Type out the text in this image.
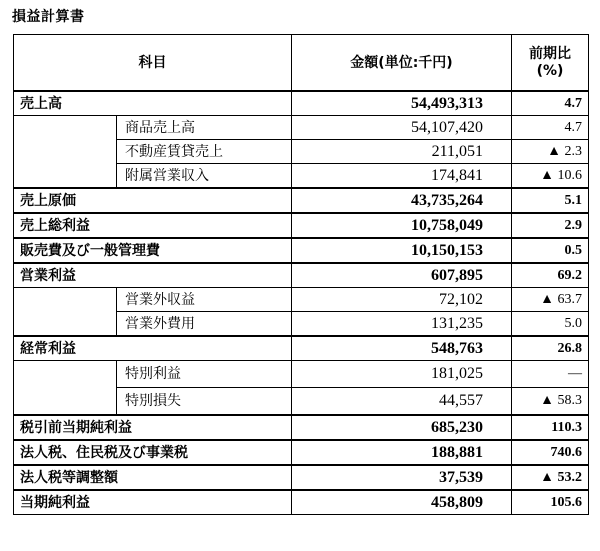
損益計算書
科目		金額(単位:千円)	前期比
(%)

売上高		54,493,313	4.7
	商品売上高	54,107,420	4.7
	不動産賃貸売上	211,051	▲ 2.3
	附属営業収入	174,841	▲ 10.6
売上原価		43,735,264	5.1
売上総利益		10,758,049	2.9
販売費及び一般管理費		10,150,153	0.5
営業利益		607,895	69.2
	営業外収益	72,102	▲ 63.7
	営業外費用	131,235	5.0
経常利益		548,763	26.8
	特別利益	181,025	—
	特別損失	44,557	▲ 58.3
税引前当期純利益		685,230	110.3
法人税、住民税及び事業税		188,881	740.6
法人税等調整額		37,539	▲ 53.2
当期純利益		458,809	105.6
